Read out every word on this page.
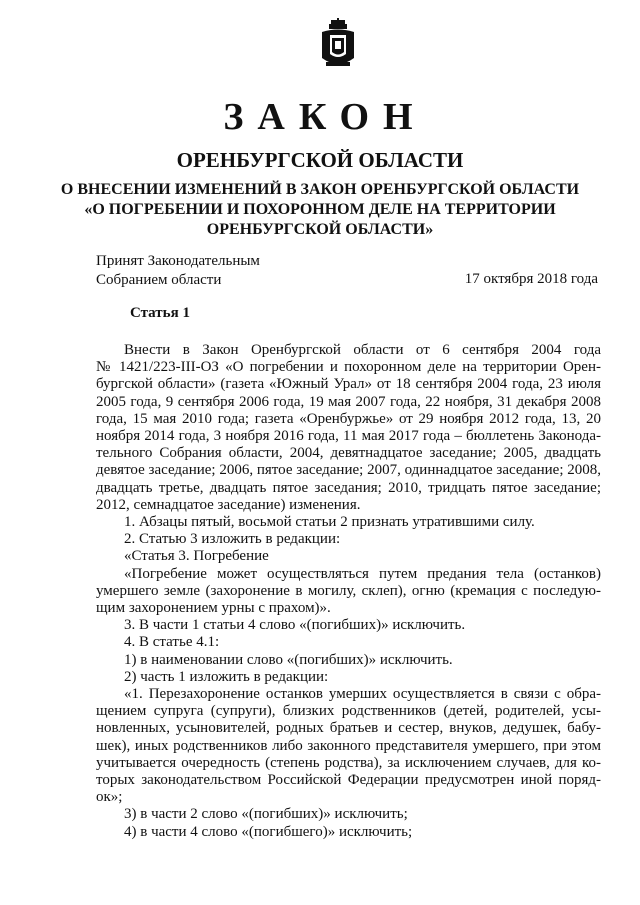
ЗАКОН
ОРЕНБУРГСКОЙ ОБЛАСТИ
О ВНЕСЕНИИ ИЗМЕНЕНИЙ В ЗАКОН ОРЕНБУРГСКОЙ ОБЛАСТИ
«О ПОГРЕБЕНИИ И ПОХОРОННОМ ДЕЛЕ НА ТЕРРИТОРИИ
ОРЕНБУРГСКОЙ ОБЛАСТИ»
Принят Законодательным
Собранием области	17 октября 2018 года
Статья 1
Внести в Закон Оренбургской области от 6 сентября 2004 года
№ 1421/223-III-ОЗ «О погребении и похоронном деле на территории Орен-
бургской области» (газета «Южный Урал» от 18 сентября 2004 года, 23 июля
2005 года, 9 сентября 2006 года, 19 мая 2007 года, 22 ноября, 31 декабря 2008
года, 15 мая 2010 года; газета «Оренбуржье» от 29 ноября 2012 года, 13, 20
ноября 2014 года, 3 ноября 2016 года, 11 мая 2017 года – бюллетень Законода-
тельного Собрания области, 2004, девятнадцатое заседание; 2005, двадцать
девятое заседание; 2006, пятое заседание; 2007, одиннадцатое заседание; 2008,
двадцать третье, двадцать пятое заседания; 2010, тридцать пятое заседание;
2012, семнадцатое заседание) изменения.
1. Абзацы пятый, восьмой статьи 2 признать утратившими силу.
2. Статью 3 изложить в редакции:
«Статья 3. Погребение
«Погребение может осуществляться путем предания тела (останков)
умершего земле (захоронение в могилу, склеп), огню (кремация с последую-
щим захоронением урны с прахом)».
3. В части 1 статьи 4 слово «(погибших)» исключить.
4. В статье 4.1:
1) в наименовании слово «(погибших)» исключить.
2) часть 1 изложить в редакции:
«1. Перезахоронение останков умерших осуществляется в связи с обра-
щением супруга (супруги), близких родственников (детей, родителей, усы-
новленных, усыновителей, родных братьев и сестер, внуков, дедушек, бабу-
шек), иных родственников либо законного представителя умершего, при этом
учитывается очередность (степень родства), за исключением случаев, для ко-
торых законодательством Российской Федерации предусмотрен иной поряд-
ок»;
3) в части 2 слово «(погибших)» исключить;
4) в части 4 слово «(погибшего)» исключить;
